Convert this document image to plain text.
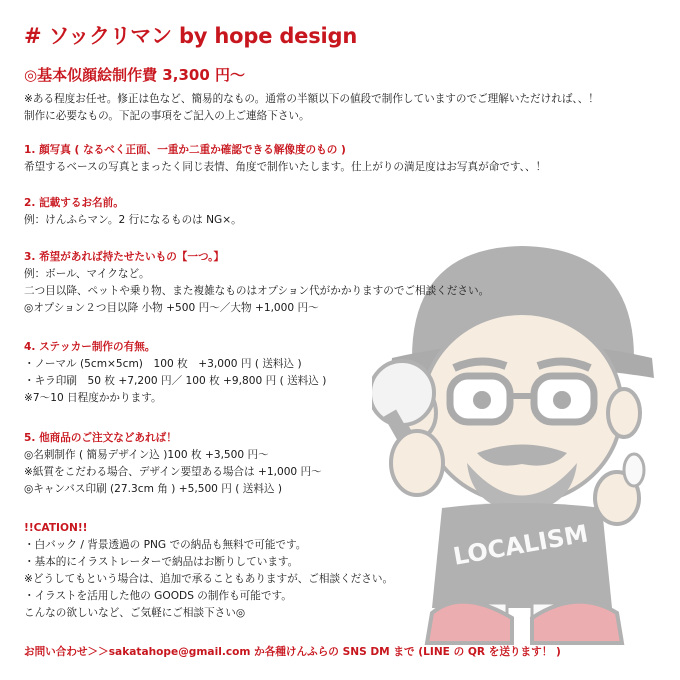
LOCALISM
# ソックリマン by hope design
◎基本似顔絵制作費 3,300 円〜
※ある程度お任せ。修正は色など、簡易的なもの。通常の半額以下の値段で制作していますのでご理解いただければ、、！
制作に必要なもの。下記の事項をご記入の上ご連絡下さい。
1. 顔写真 ( なるべく正面、一重か二重か確認できる解像度のもの )
希望するベースの写真とまったく同じ表情、角度で制作いたします。仕上がりの満足度はお写真が命です、、！
2. 記載するお名前。
例：けんふらマン。2 行になるものは NG×。
3. 希望があれば持たせたいもの【一つ。】
例：ボール、マイクなど。
二つ目以降、ペットや乗り物、また複雑なものはオプション代がかかりますのでご相談ください。
◎オプション２つ目以降 小物 +500 円〜／大物 +1,000 円〜
4. ステッカー制作の有無。
・ノーマル (5cm×5cm)　100 枚　+3,000 円 ( 送料込 )
・キラ印刷　50 枚 +7,200 円／ 100 枚 +9,800 円 ( 送料込 )
※7〜10 日程度かかります。
5. 他商品のご注文などあれば！
◎名刺制作 ( 簡易デザイン込 )100 枚 +3,500 円〜
※紙質をこだわる場合、デザイン要望ある場合は +1,000 円〜
◎キャンバス印刷 (27.3cm 角 ) +5,500 円 ( 送料込 )
!!CATION!!
・白バック / 背景透過の PNG での納品も無料で可能です。
・基本的にイラストレーターで納品はお断りしています。
※どうしてもという場合は、追加で承ることもありますが、ご相談ください。
・イラストを活用した他の GOODS の制作も可能です。
こんなの欲しいなど、ご気軽にご相談下さい◎
お問い合わせ＞＞sakatahope@gmail.com か各種けんふらの SNS DM まで (LINE の QR を送ります！ )
